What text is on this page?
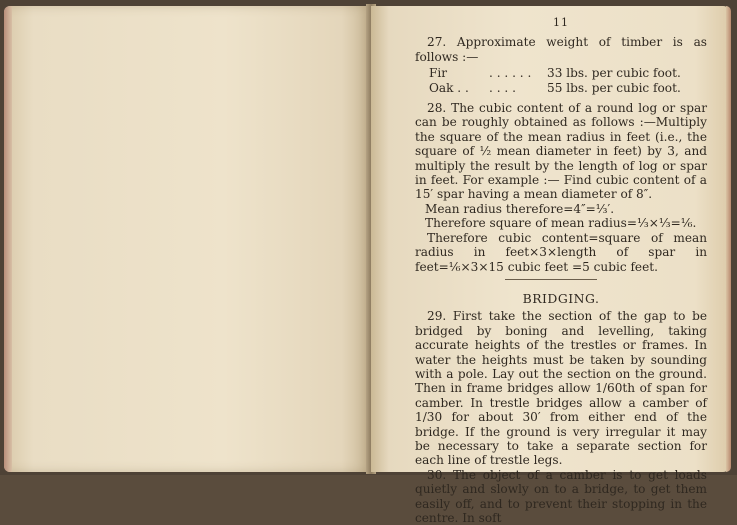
11

27. Approximate weight of timber is as follows :—

Fir	. . . . . .	33 lbs. per cubic foot.
Oak . .	. . . .	55 lbs. per cubic foot.

28. The cubic content of a round log or spar can be roughly obtained as follows :—Multiply the square of the mean radius in feet (i.e., the square of ½ mean diameter in feet) by 3, and multiply the result by the length of log or spar in feet. For example :— Find cubic content of a 15′ spar having a mean diameter of 8″.

Mean radius therefore=4″=⅓′.
Therefore square of mean radius=⅓×⅓=⅙.

Therefore cubic content=square of mean radius in feet×3×length of spar in feet=⅙×3×15 cubic feet =5 cubic feet.

BRIDGING.

29. First take the section of the gap to be bridged by boning and levelling, taking accurate heights of the trestles or frames. In water the heights must be taken by sounding with a pole. Lay out the section on the ground. Then in frame bridges allow 1/60th of span for camber. In trestle bridges allow a camber of 1/30 for about 30′ from either end of the bridge. If the ground is very irregular it may be necessary to take a separate section for each line of trestle legs.

30. The object of a camber is to get loads quietly and slowly on to a bridge, to get them easily off, and to prevent their stopping in the centre. In soft
